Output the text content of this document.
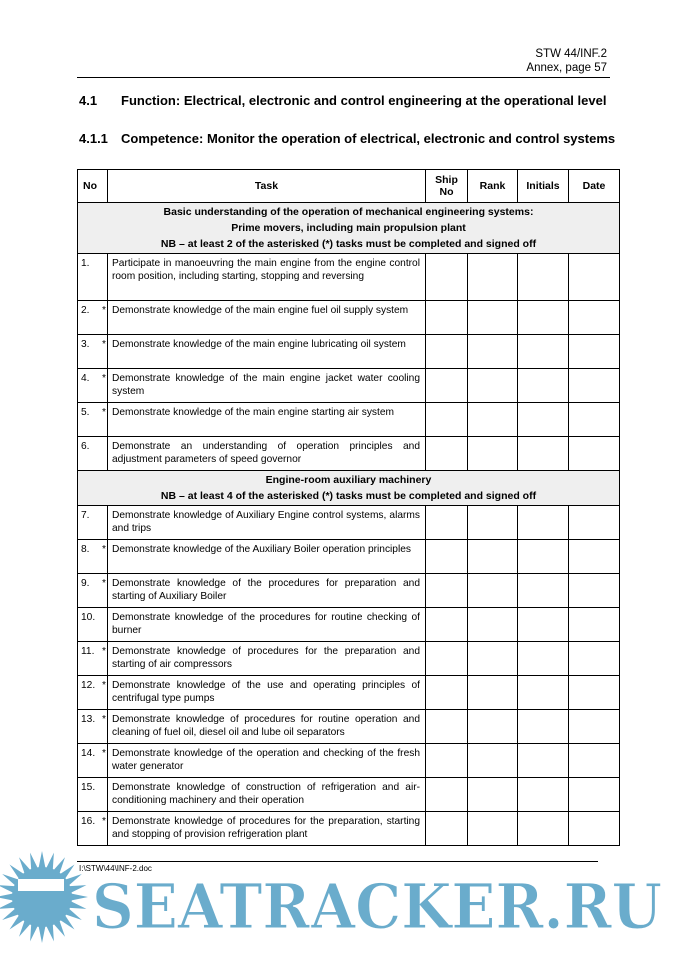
STW 44/INF.2
Annex, page 57
4.1 Function: Electrical, electronic and control engineering at the operational level
4.1.1 Competence: Monitor the operation of electrical, electronic and control systems
No	Task	Ship No	Rank	Initials	Date

Basic understanding of the operation of mechanical engineering systems:
Prime movers, including main propulsion plant
NB – at least 2 of the asterisked (*) tasks must be completed and signed off					

1.	Participate in manoeuvring the main engine from the engine control room position, including starting, stopping and reversing				
2. *	Demonstrate knowledge of the main engine fuel oil supply system				
3. *	Demonstrate knowledge of the main engine lubricating oil system				
4. *	Demonstrate knowledge of the main engine jacket water cooling system				
5. *	Demonstrate knowledge of the main engine starting air system				
6.	Demonstrate an understanding of operation principles and adjustment parameters of speed governor				

Engine-room auxiliary machinery
NB – at least 4 of the asterisked (*) tasks must be completed and signed off					

7.	Demonstrate knowledge of Auxiliary Engine control systems, alarms and trips				
8. *	Demonstrate knowledge of the Auxiliary Boiler operation principles				
9. *	Demonstrate knowledge of the procedures for preparation and starting of Auxiliary Boiler				
10.	Demonstrate knowledge of the procedures for routine checking of burner				
11. *	Demonstrate knowledge of procedures for the preparation and starting of air compressors				
12. *	Demonstrate knowledge of the use and operating principles of centrifugal type pumps				
13. *	Demonstrate knowledge of procedures for routine operation and cleaning of fuel oil, diesel oil and lube oil separators				
14. *	Demonstrate knowledge of the operation and checking of the fresh water generator				
15.	Demonstrate knowledge of construction of refrigeration and air-conditioning machinery and their operation				
16. *	Demonstrate knowledge of procedures for the preparation, starting and stopping of provision refrigeration plant				
SEATRACKER.RU
I:\STW\44\INF-2.doc
